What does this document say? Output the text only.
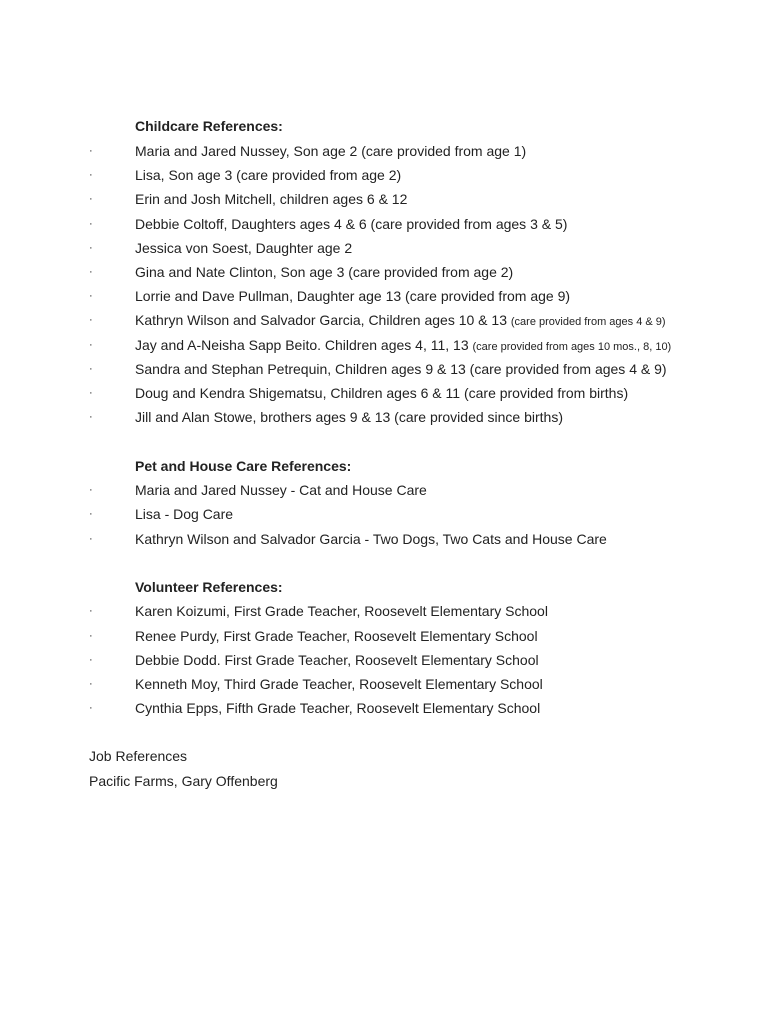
Childcare References:
·	Maria and Jared Nussey, Son age 2 (care provided from age 1)
·	Lisa, Son age 3 (care provided from age 2)
·	Erin and Josh Mitchell, children ages 6 & 12
·	Debbie Coltoff, Daughters ages 4 & 6 (care provided from ages 3 & 5)
·	Jessica von Soest, Daughter age 2
·	Gina and Nate Clinton, Son age 3 (care provided from age 2)
·	Lorrie and Dave Pullman, Daughter age 13 (care provided from age 9)
·	Kathryn Wilson and Salvador Garcia, Children ages 10 & 13 (care provided from ages 4 & 9)
·	Jay and A-Neisha Sapp Beito. Children ages 4, 11, 13 (care provided from ages 10 mos., 8, 10)
·	Sandra and Stephan Petrequin, Children ages 9 & 13 (care provided from ages 4 & 9)
·	Doug and Kendra Shigematsu, Children ages 6 & 11 (care provided from births)
·	Jill and Alan Stowe, brothers ages 9 & 13 (care provided since births)
Pet and House Care References:
·	Maria and Jared Nussey - Cat and House Care
·	Lisa - Dog Care
·	Kathryn Wilson and Salvador Garcia - Two Dogs, Two Cats and House Care
Volunteer References:
·	Karen Koizumi, First Grade Teacher, Roosevelt Elementary School
·	Renee Purdy, First Grade Teacher, Roosevelt Elementary School
·	Debbie Dodd. First Grade Teacher, Roosevelt Elementary School
·	Kenneth Moy, Third Grade Teacher, Roosevelt Elementary School
·	Cynthia Epps, Fifth Grade Teacher, Roosevelt Elementary School
Job References
Pacific Farms, Gary Offenberg
